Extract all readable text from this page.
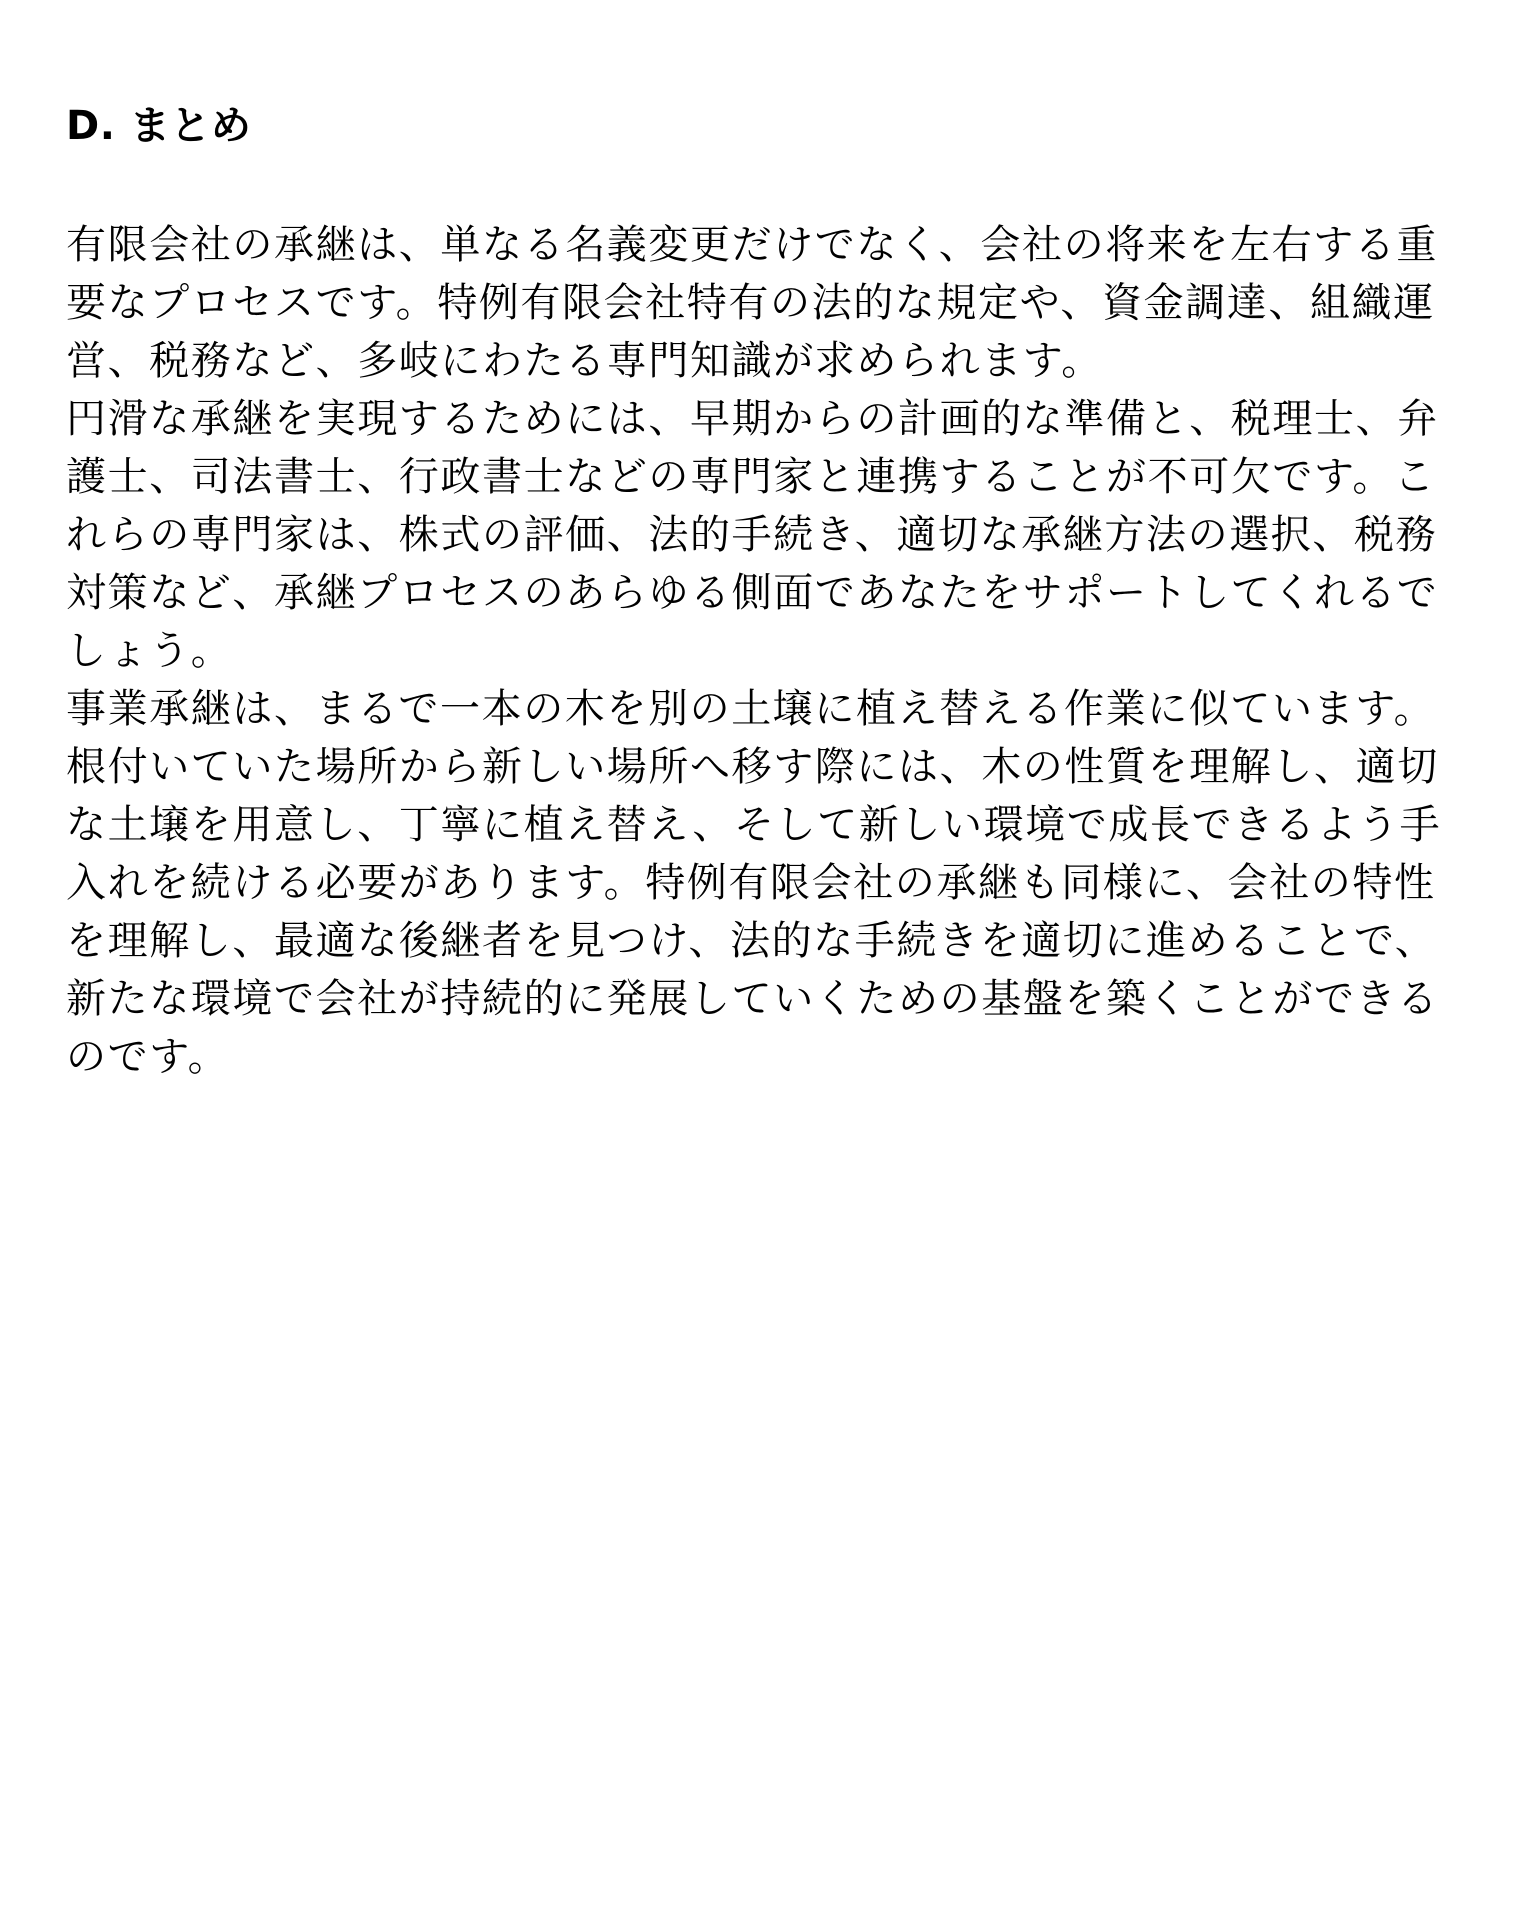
D. まとめ

有限会社の承継は、単なる名義変更だけでなく、会社の将来を左右する重要なプロセスです。特例有限会社特有の法的な規定や、資金調達、組織運営、税務など、多岐にわたる専門知識が求められます。

円滑な承継を実現するためには、早期からの計画的な準備と、税理士、弁護士、司法書士、行政書士などの専門家と連携することが不可欠です。これらの専門家は、株式の評価、法的手続き、適切な承継方法の選択、税務対策など、承継プロセスのあらゆる側面であなたをサポートしてくれるでしょう。

事業承継は、まるで一本の木を別の土壌に植え替える作業に似ています。根付いていた場所から新しい場所へ移す際には、木の性質を理解し、適切な土壌を用意し、丁寧に植え替え、そして新しい環境で成長できるよう手入れを続ける必要があります。特例有限会社の承継も同様に、会社の特性を理解し、最適な後継者を見つけ、法的な手続きを適切に進めることで、新たな環境で会社が持続的に発展していくための基盤を築くことができるのです。
